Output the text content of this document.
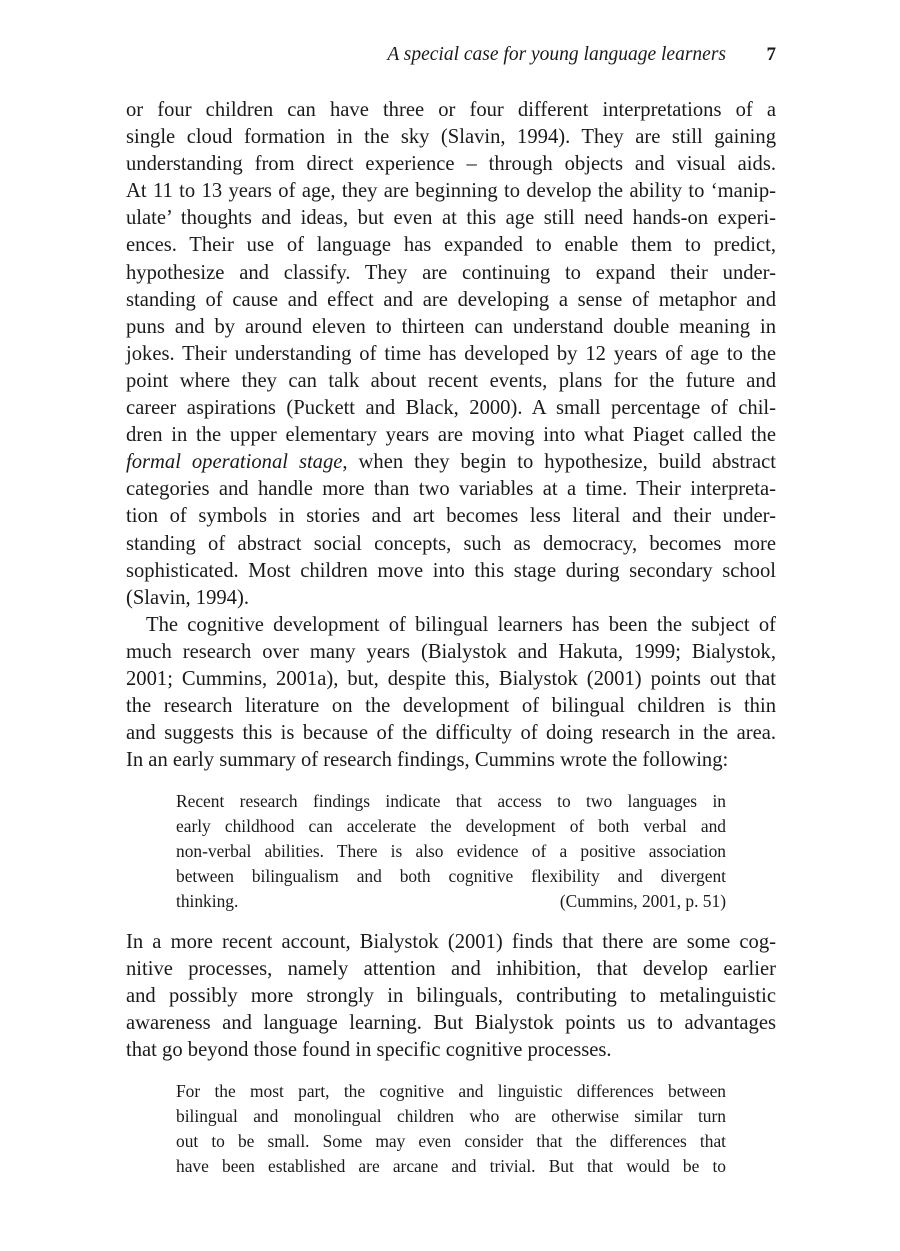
A special case for young language learners 7
or four children can have three or four different interpretations of a
single cloud formation in the sky (Slavin, 1994). They are still gaining
understanding from direct experience – through objects and visual aids.
At 11 to 13 years of age, they are beginning to develop the ability to ‘manip-
ulate’ thoughts and ideas, but even at this age still need hands-on experi-
ences. Their use of language has expanded to enable them to predict,
hypothesize and classify. They are continuing to expand their under-
standing of cause and effect and are developing a sense of metaphor and
puns and by around eleven to thirteen can understand double meaning in
jokes. Their understanding of time has developed by 12 years of age to the
point where they can talk about recent events, plans for the future and
career aspirations (Puckett and Black, 2000). A small percentage of chil-
dren in the upper elementary years are moving into what Piaget called the
formal operational stage, when they begin to hypothesize, build abstract
categories and handle more than two variables at a time. Their interpreta-
tion of symbols in stories and art becomes less literal and their under-
standing of abstract social concepts, such as democracy, becomes more
sophisticated. Most children move into this stage during secondary school
(Slavin, 1994).
The cognitive development of bilingual learners has been the subject of
much research over many years (Bialystok and Hakuta, 1999; Bialystok,
2001; Cummins, 2001a), but, despite this, Bialystok (2001) points out that
the research literature on the development of bilingual children is thin
and suggests this is because of the difficulty of doing research in the area.
In an early summary of research findings, Cummins wrote the following:
Recent research findings indicate that access to two languages in
early childhood can accelerate the development of both verbal and
non-verbal abilities. There is also evidence of a positive association
between bilingualism and both cognitive flexibility and divergent
thinking.	(Cummins, 2001, p. 51)
In a more recent account, Bialystok (2001) finds that there are some cog-
nitive processes, namely attention and inhibition, that develop earlier
and possibly more strongly in bilinguals, contributing to metalinguistic
awareness and language learning. But Bialystok points us to advantages
that go beyond those found in specific cognitive processes.
For the most part, the cognitive and linguistic differences between
bilingual and monolingual children who are otherwise similar turn
out to be small. Some may even consider that the differences that
have been established are arcane and trivial. But that would be to
